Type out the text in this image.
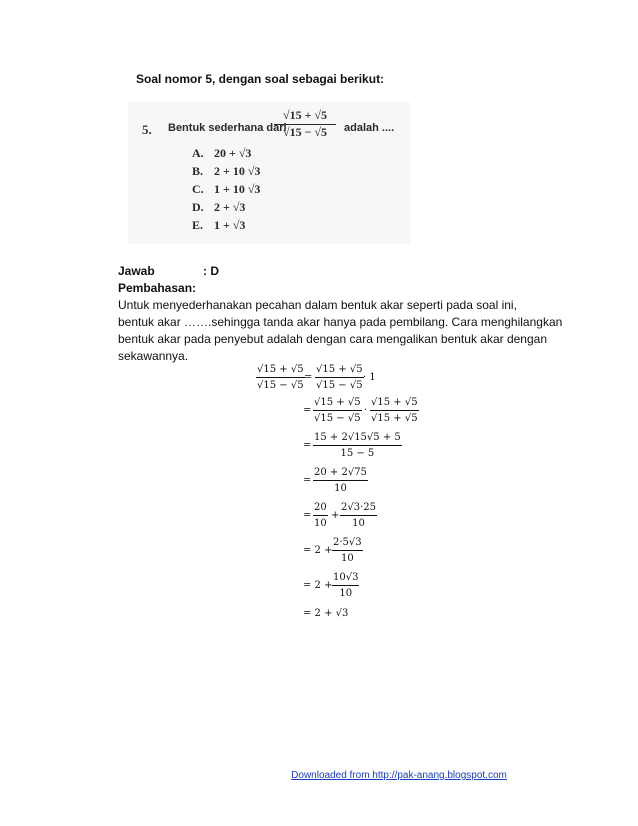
Soal nomor 5, dengan soal sebagai berikut:
5. Bentuk sederhana dari
$\frac{√15 + √5}{√15 - √5}$ adalah ....
A. 20 + √3
B. 2 + 10 √3
C. 1 + 10 √3
D. 2 + √3
E. 1 + √3
Jawab	: D
Pembahasan:
Untuk menyederhanakan pecahan dalam bentuk akar seperti pada soal ini,
bentuk akar …….sehingga tanda akar hanya pada pembilang. Cara menghilangkan
bentuk akar pada penyebut adalah dengan cara mengalikan bentuk akar dengan
sekawannya.
√15 + √5
√15 − √5
=
√15 + √5
√15 − √5
· 1
=
√15 + √5
√15 − √5
·
√15 + √5
√15 + √5
=
15 + 2√15√5 + 5
15 − 5
=
20 + 2√75
10
=
20
10
+
2√3·25
10
= 2 +
2·5√3
10
= 2 +
10√3
10
= 2 + √3
Downloaded from http://pak-anang.blogspot.com
